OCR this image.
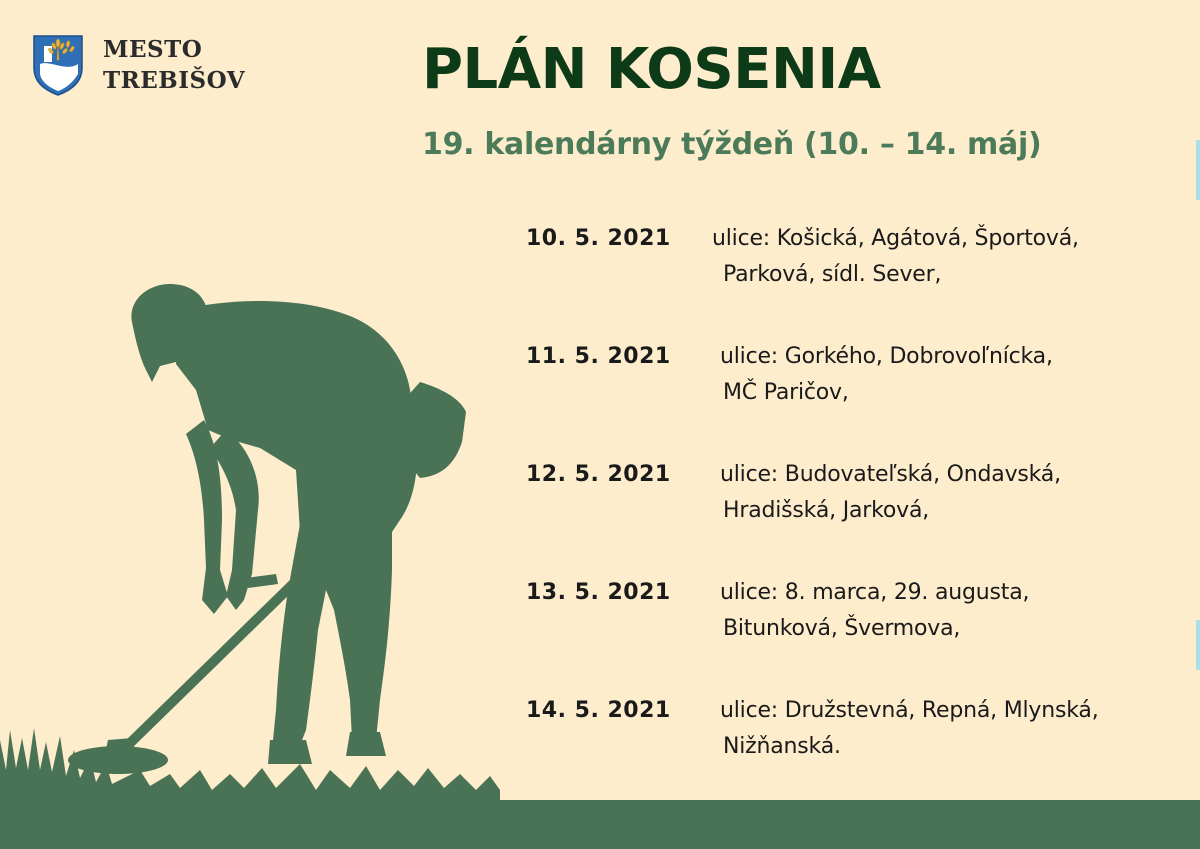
MESTO
TREBIŠOV	PLÁN KOSENIA
19. kalendárny týždeň (10. – 14. máj)
10. 5. 2021 ulice: Košická, Agátová, Športová,
Parková, sídl. Sever,
11. 5. 2021 ulice: Gorkého, Dobrovoľnícka,
MČ Paričov,
12. 5. 2021 ulice: Budovateľská, Ondavská,
Hradišská, Jarková,
13. 5. 2021 ulice: 8. marca, 29. augusta,
Bitunková, Švermova,
14. 5. 2021 ulice: Družstevná, Repná, Mlynská,
Nižňanská.
